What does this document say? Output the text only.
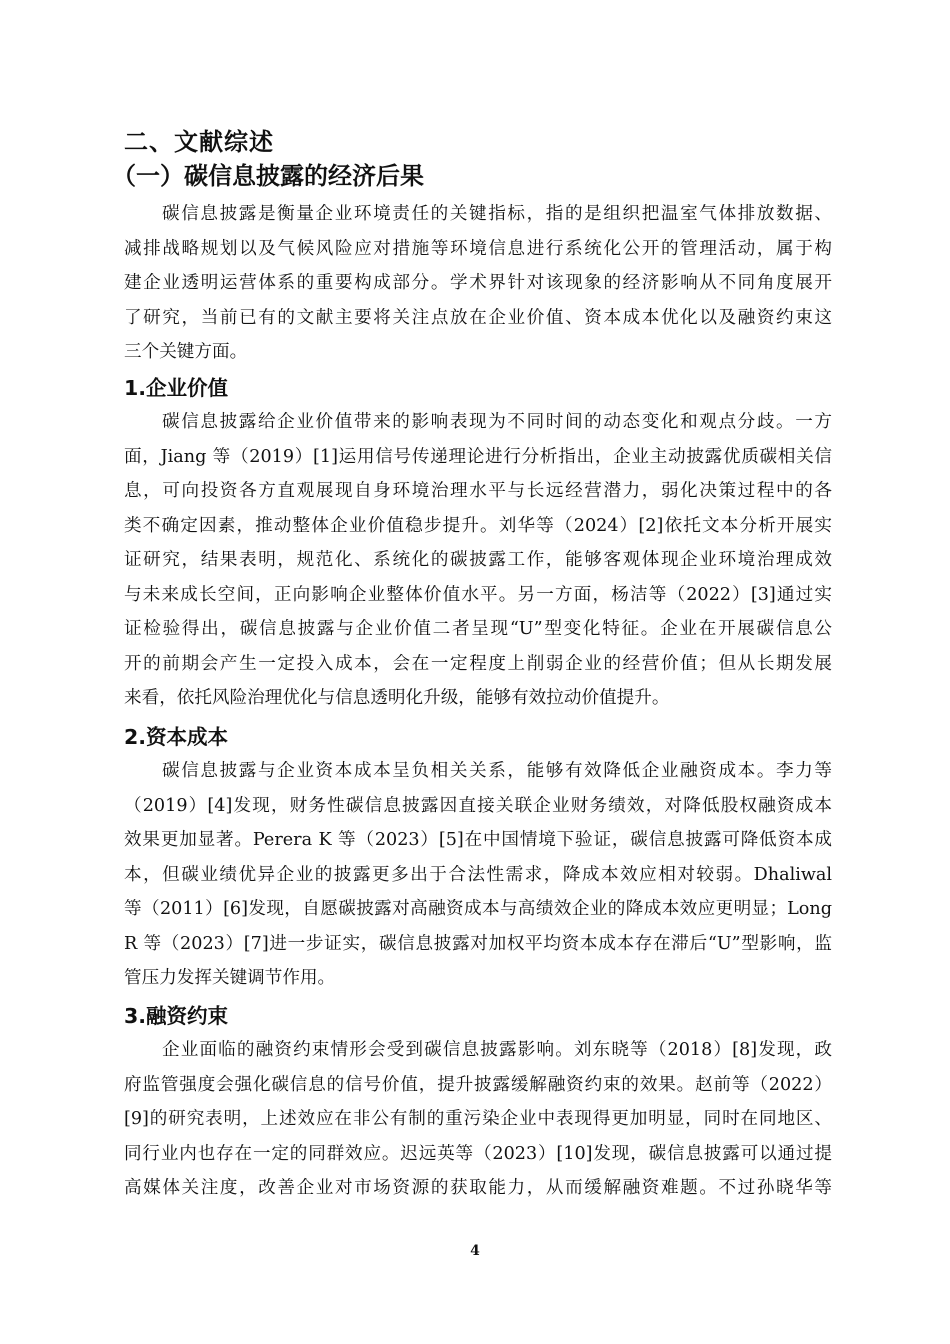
二、文献综述
（一）碳信息披露的经济后果
碳信息披露是衡量企业环境责任的关键指标，指的是组织把温室气体排放数据、
减排战略规划以及气候风险应对措施等环境信息进行系统化公开的管理活动，属于构
建企业透明运营体系的重要构成部分。学术界针对该现象的经济影响从不同角度展开
了研究，当前已有的文献主要将关注点放在企业价值、资本成本优化以及融资约束这
三个关键方面。
1.企业价值
碳信息披露给企业价值带来的影响表现为不同时间的动态变化和观点分歧。一方
面，Jiang 等（2019）[1]运用信号传递理论进行分析指出，企业主动披露优质碳相关信
息，可向投资各方直观展现自身环境治理水平与长远经营潜力，弱化决策过程中的各
类不确定因素，推动整体企业价值稳步提升。刘华等（2024）[2]依托文本分析开展实
证研究，结果表明，规范化、系统化的碳披露工作，能够客观体现企业环境治理成效
与未来成长空间，正向影响企业整体价值水平。另一方面，杨洁等（2022）[3]通过实
证检验得出，碳信息披露与企业价值二者呈现“U”型变化特征。企业在开展碳信息公
开的前期会产生一定投入成本，会在一定程度上削弱企业的经营价值；但从长期发展
来看，依托风险治理优化与信息透明化升级，能够有效拉动价值提升。
2.资本成本
碳信息披露与企业资本成本呈负相关关系，能够有效降低企业融资成本。李力等
（2019）[4]发现，财务性碳信息披露因直接关联企业财务绩效，对降低股权融资成本
效果更加显著。Perera K 等（2023）[5]在中国情境下验证，碳信息披露可降低资本成
本，但碳业绩优异企业的披露更多出于合法性需求，降成本效应相对较弱。Dhaliwal
等（2011）[6]发现，自愿碳披露对高融资成本与高绩效企业的降成本效应更明显；Long
R 等（2023）[7]进一步证实，碳信息披露对加权平均资本成本存在滞后“U”型影响，监
管压力发挥关键调节作用。
3.融资约束
企业面临的融资约束情形会受到碳信息披露影响。刘东晓等（2018）[8]发现，政
府监管强度会强化碳信息的信号价值，提升披露缓解融资约束的效果。赵前等（2022）
[9]的研究表明，上述效应在非公有制的重污染企业中表现得更加明显，同时在同地区、
同行业内也存在一定的同群效应。迟远英等（2023）[10]发现，碳信息披露可以通过提
高媒体关注度，改善企业对市场资源的获取能力，从而缓解融资难题。不过孙晓华等
4
